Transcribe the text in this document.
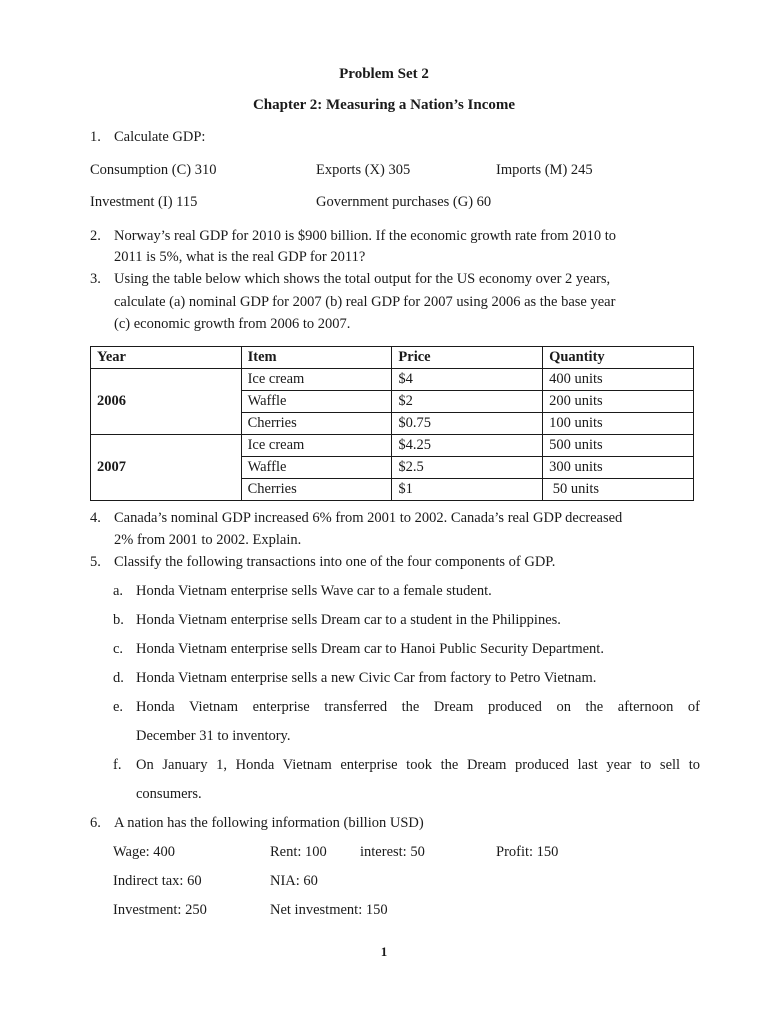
Problem Set 2
Chapter 2: Measuring a Nation’s Income
1. Calculate GDP:
Consumption (C) 310	Exports (X) 305	Imports (M) 245
Investment (I) 115	Government purchases (G) 60
2. Norway’s real GDP for 2010 is $900 billion. If the economic growth rate from 2010 to
2011 is 5%, what is the real GDP for 2011?
3. Using the table below which shows the total output for the US economy over 2 years,
calculate (a) nominal GDP for 2007 (b) real GDP for 2007 using 2006 as the base year
(c) economic growth from 2006 to 2007.
Year	Item	Price	Quantity
2006	Ice cream	$4	400 units
	Waffle	$2	200 units
	Cherries	$0.75	100 units
2007	Ice cream	$4.25	500 units
	Waffle	$2.5	300 units
	Cherries	$1	50 units
4. Canada’s nominal GDP increased 6% from 2001 to 2002. Canada’s real GDP decreased
2% from 2001 to 2002. Explain.
5. Classify the following transactions into one of the four components of GDP.
a. Honda Vietnam enterprise sells Wave car to a female student.
b. Honda Vietnam enterprise sells Dream car to a student in the Philippines.
c. Honda Vietnam enterprise sells Dream car to Hanoi Public Security Department.
d. Honda Vietnam enterprise sells a new Civic Car from factory to Petro Vietnam.
e. Honda Vietnam enterprise transferred the Dream produced on the afternoon of
December 31 to inventory.
f. On January 1, Honda Vietnam enterprise took the Dream produced last year to sell to
consumers.
6. A nation has the following information (billion USD)
Wage: 400	Rent: 100 interest: 50	Profit: 150
Indirect tax: 60	NIA: 60
Investment: 250	Net investment: 150
1
